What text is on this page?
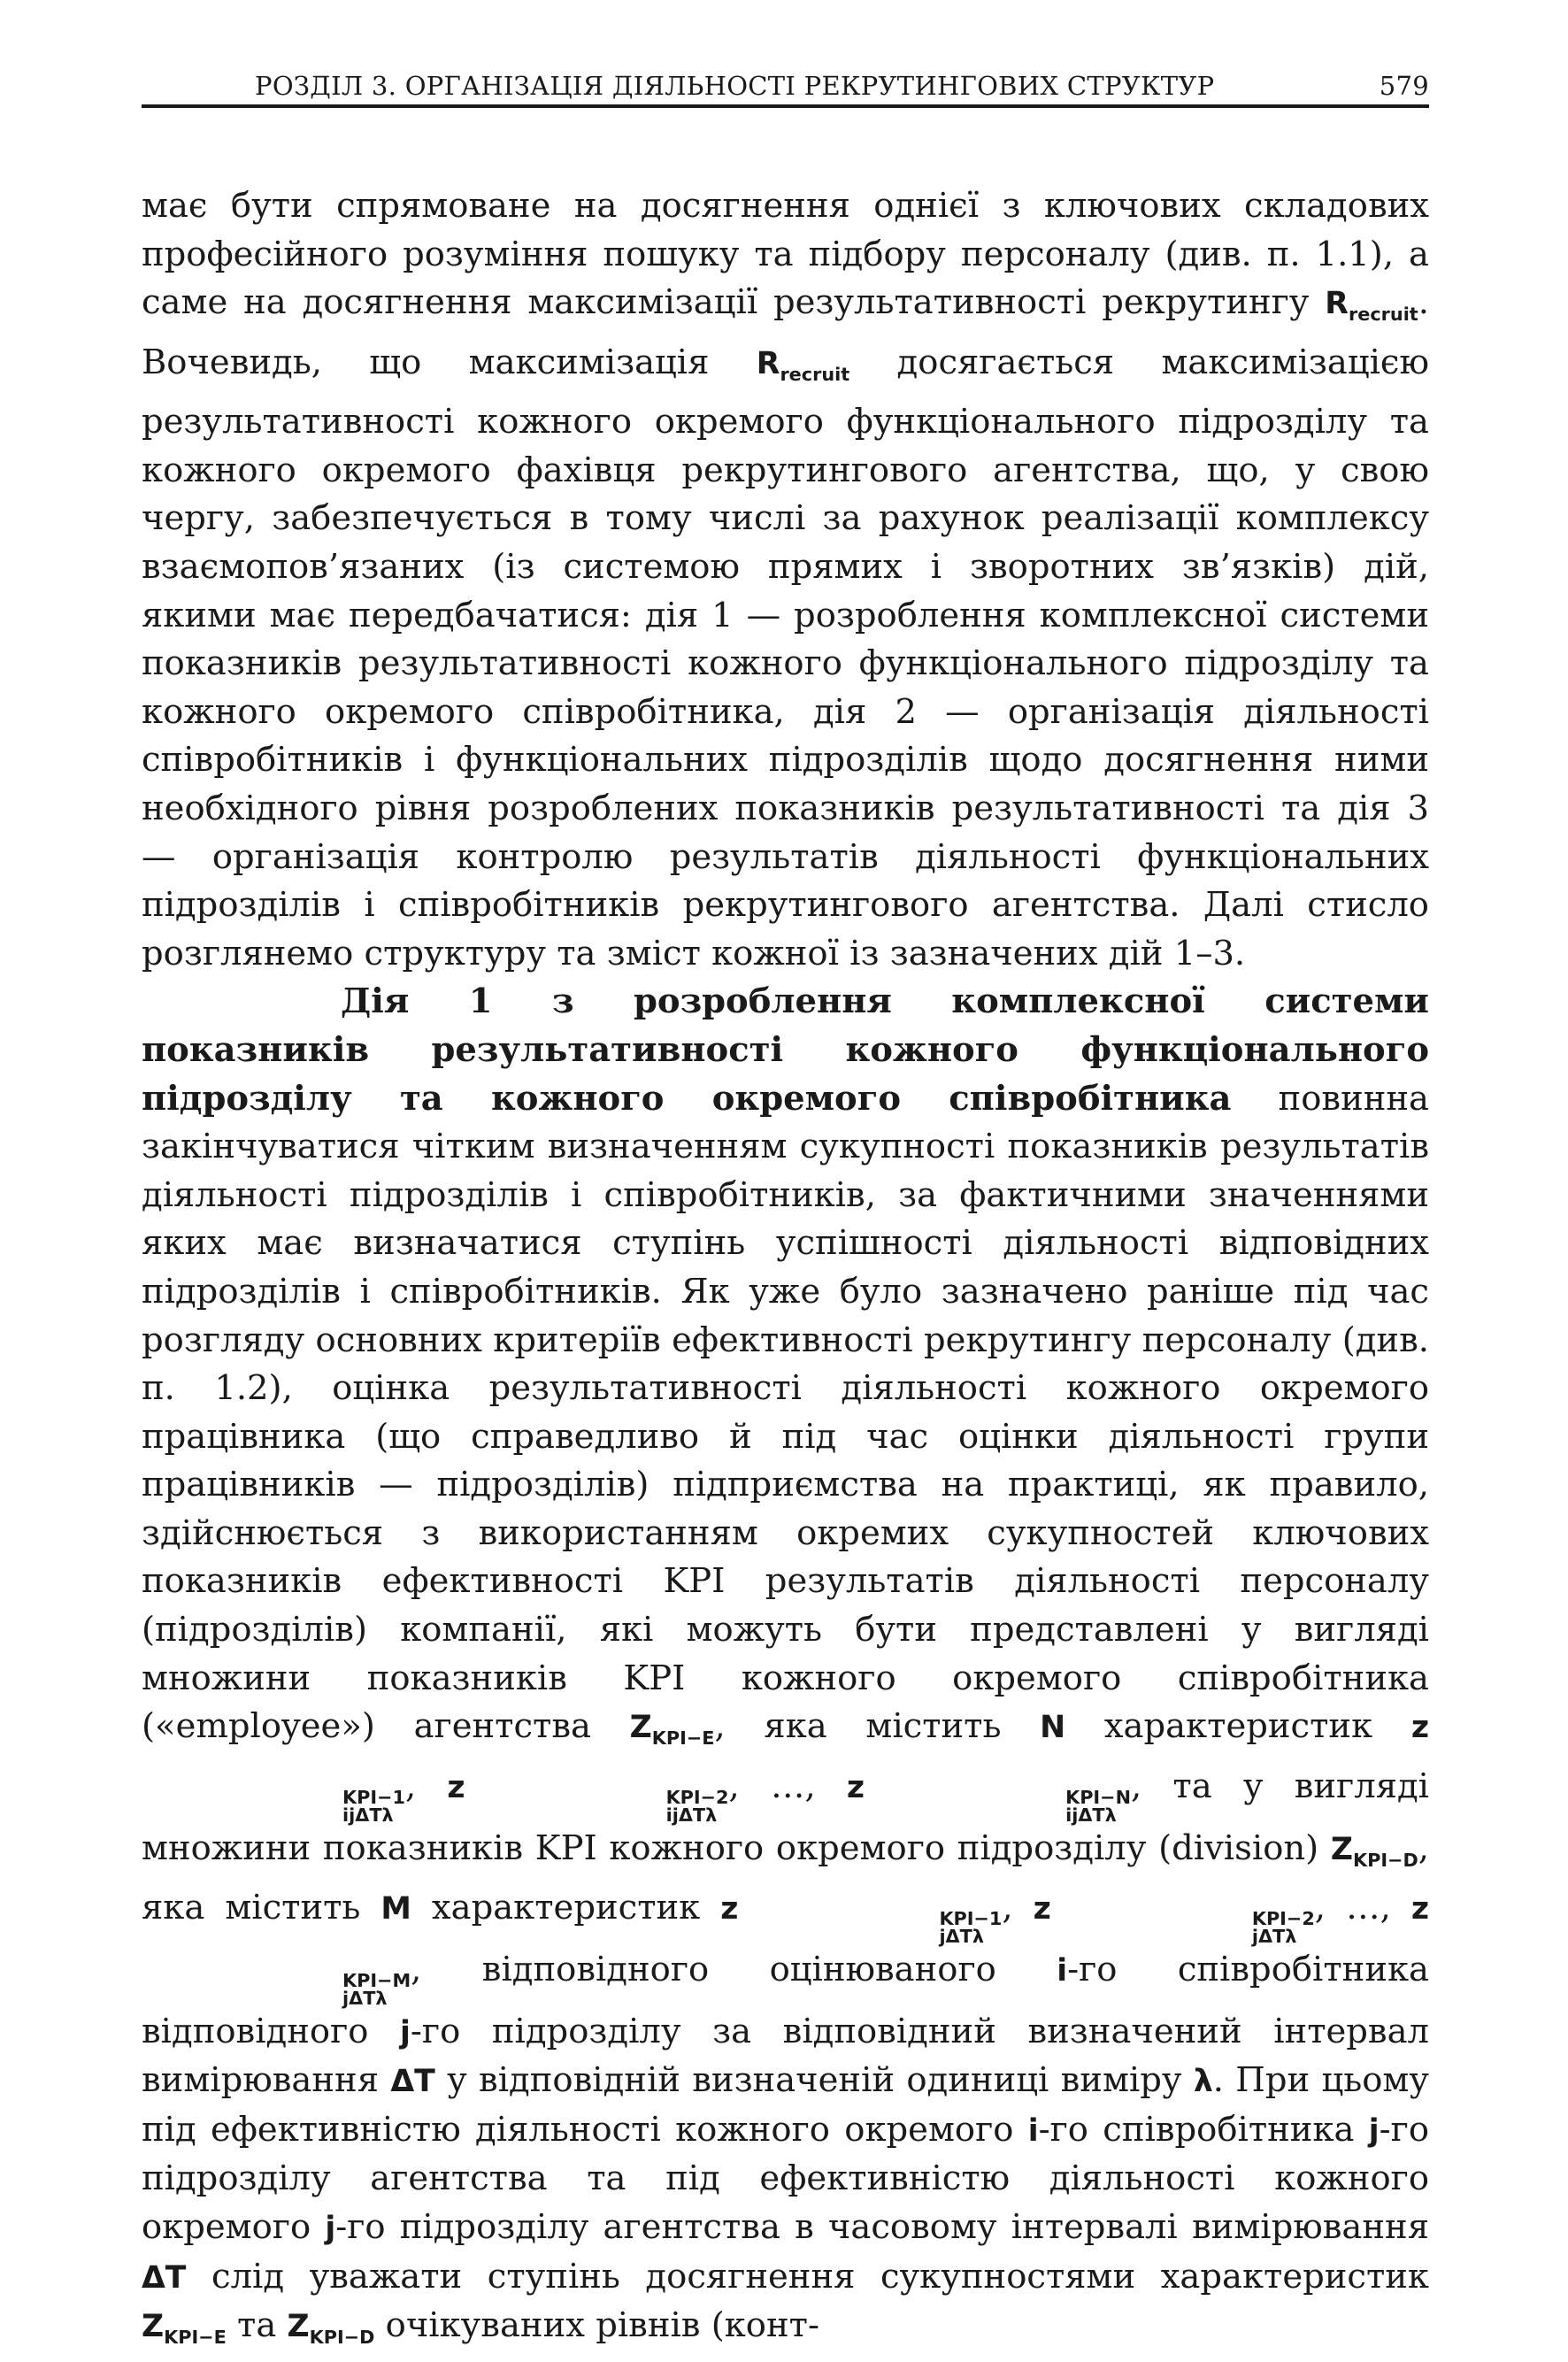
РОЗДІЛ 3. ОРГАНІЗАЦІЯ ДІЯЛЬНОСТІ РЕКРУТИНГОВИХ СТРУКТУР	579

має бути спрямоване на досягнення однієї з ключових складових професійного розуміння пошуку та підбору персоналу (див. п. 1.1), а саме на досягнення максимізації результативності рекрутингу $R_{recruit}$. Вочевидь, що максимізація $R_{recruit}$ досягається максимізацією результативності кожного окремого функціонального підрозділу та кожного окремого фахівця рекрутингового агентства, що, у свою чергу, забезпечується в тому числі за рахунок реалізації комплексу взаємопов’язаних (із системою прямих і зворотних зв’язків) дій, якими має передбачатися: дія 1 — розроблення комплексної системи показників результативності кожного функціонального підрозділу та кожного окремого співробітника, дія 2 — організація діяльності співробітників і функціональних підрозділів щодо досягнення ними необхідного рівня розроблених показників результативності та дія 3 — організація контролю результатів діяльності функціональних підрозділів і співробітників рекрутингового агентства. Далі стисло розглянемо структуру та зміст кожної із зазначених дій 1–3.

Дія 1 з розроблення комплексної системи показників результативності кожного функціонального підрозділу та кожного окремого співробітника повинна закінчуватися чітким визначенням сукупності показників результатів діяльності підрозділів і співробітників, за фактичними значеннями яких має визначатися ступінь успішності діяльності відповідних підрозділів і співробітників. Як уже було зазначено раніше під час розгляду основних критеріїв ефективності рекрутингу персоналу (див. п. 1.2), оцінка результативності діяльності кожного окремого працівника (що справедливо й під час оцінки діяльності групи працівників — підрозділів) підприємства на практиці, як правило, здійснюється з використанням окремих сукупностей ключових показників ефективності KPI результатів діяльності персоналу (підрозділів) компанії, які можуть бути представлені у вигляді множини показників KPI кожного окремого співробітника («employee») агентства $Z_{KPI-E}$, яка містить N характеристик z
KPI−1
ijΔTλ
, z	KPI−2
ijΔTλ
, …, z	KPI−N
ijΔTλ
, та у вигляді множини показників KPI кожного окремого підрозділу (division) $Z_{KPI-D}$, яка містить M характеристик z	KPI−1
jΔTλ
, z	KPI−2
jΔTλ
, …, z
KPI−M
jΔTλ
, відповідного оцінюваного i-го співробітника відповідного j-го підрозділу за відповідний визначений інтервал вимірювання ΔT у відповідній визначеній одиниці виміру λ. При цьому під ефективністю діяльності кожного окремого i-го співробітника j-го підрозділу агентства та під ефективністю діяльності кожного окремого j-го підрозділу агентства в часовому інтервалі вимірювання ΔT слід уважати ступінь досягнення сукупностями характеристик $Z_{KPI-E}$ та $Z_{KPI-D}$ очікуваних рівнів (конт-
